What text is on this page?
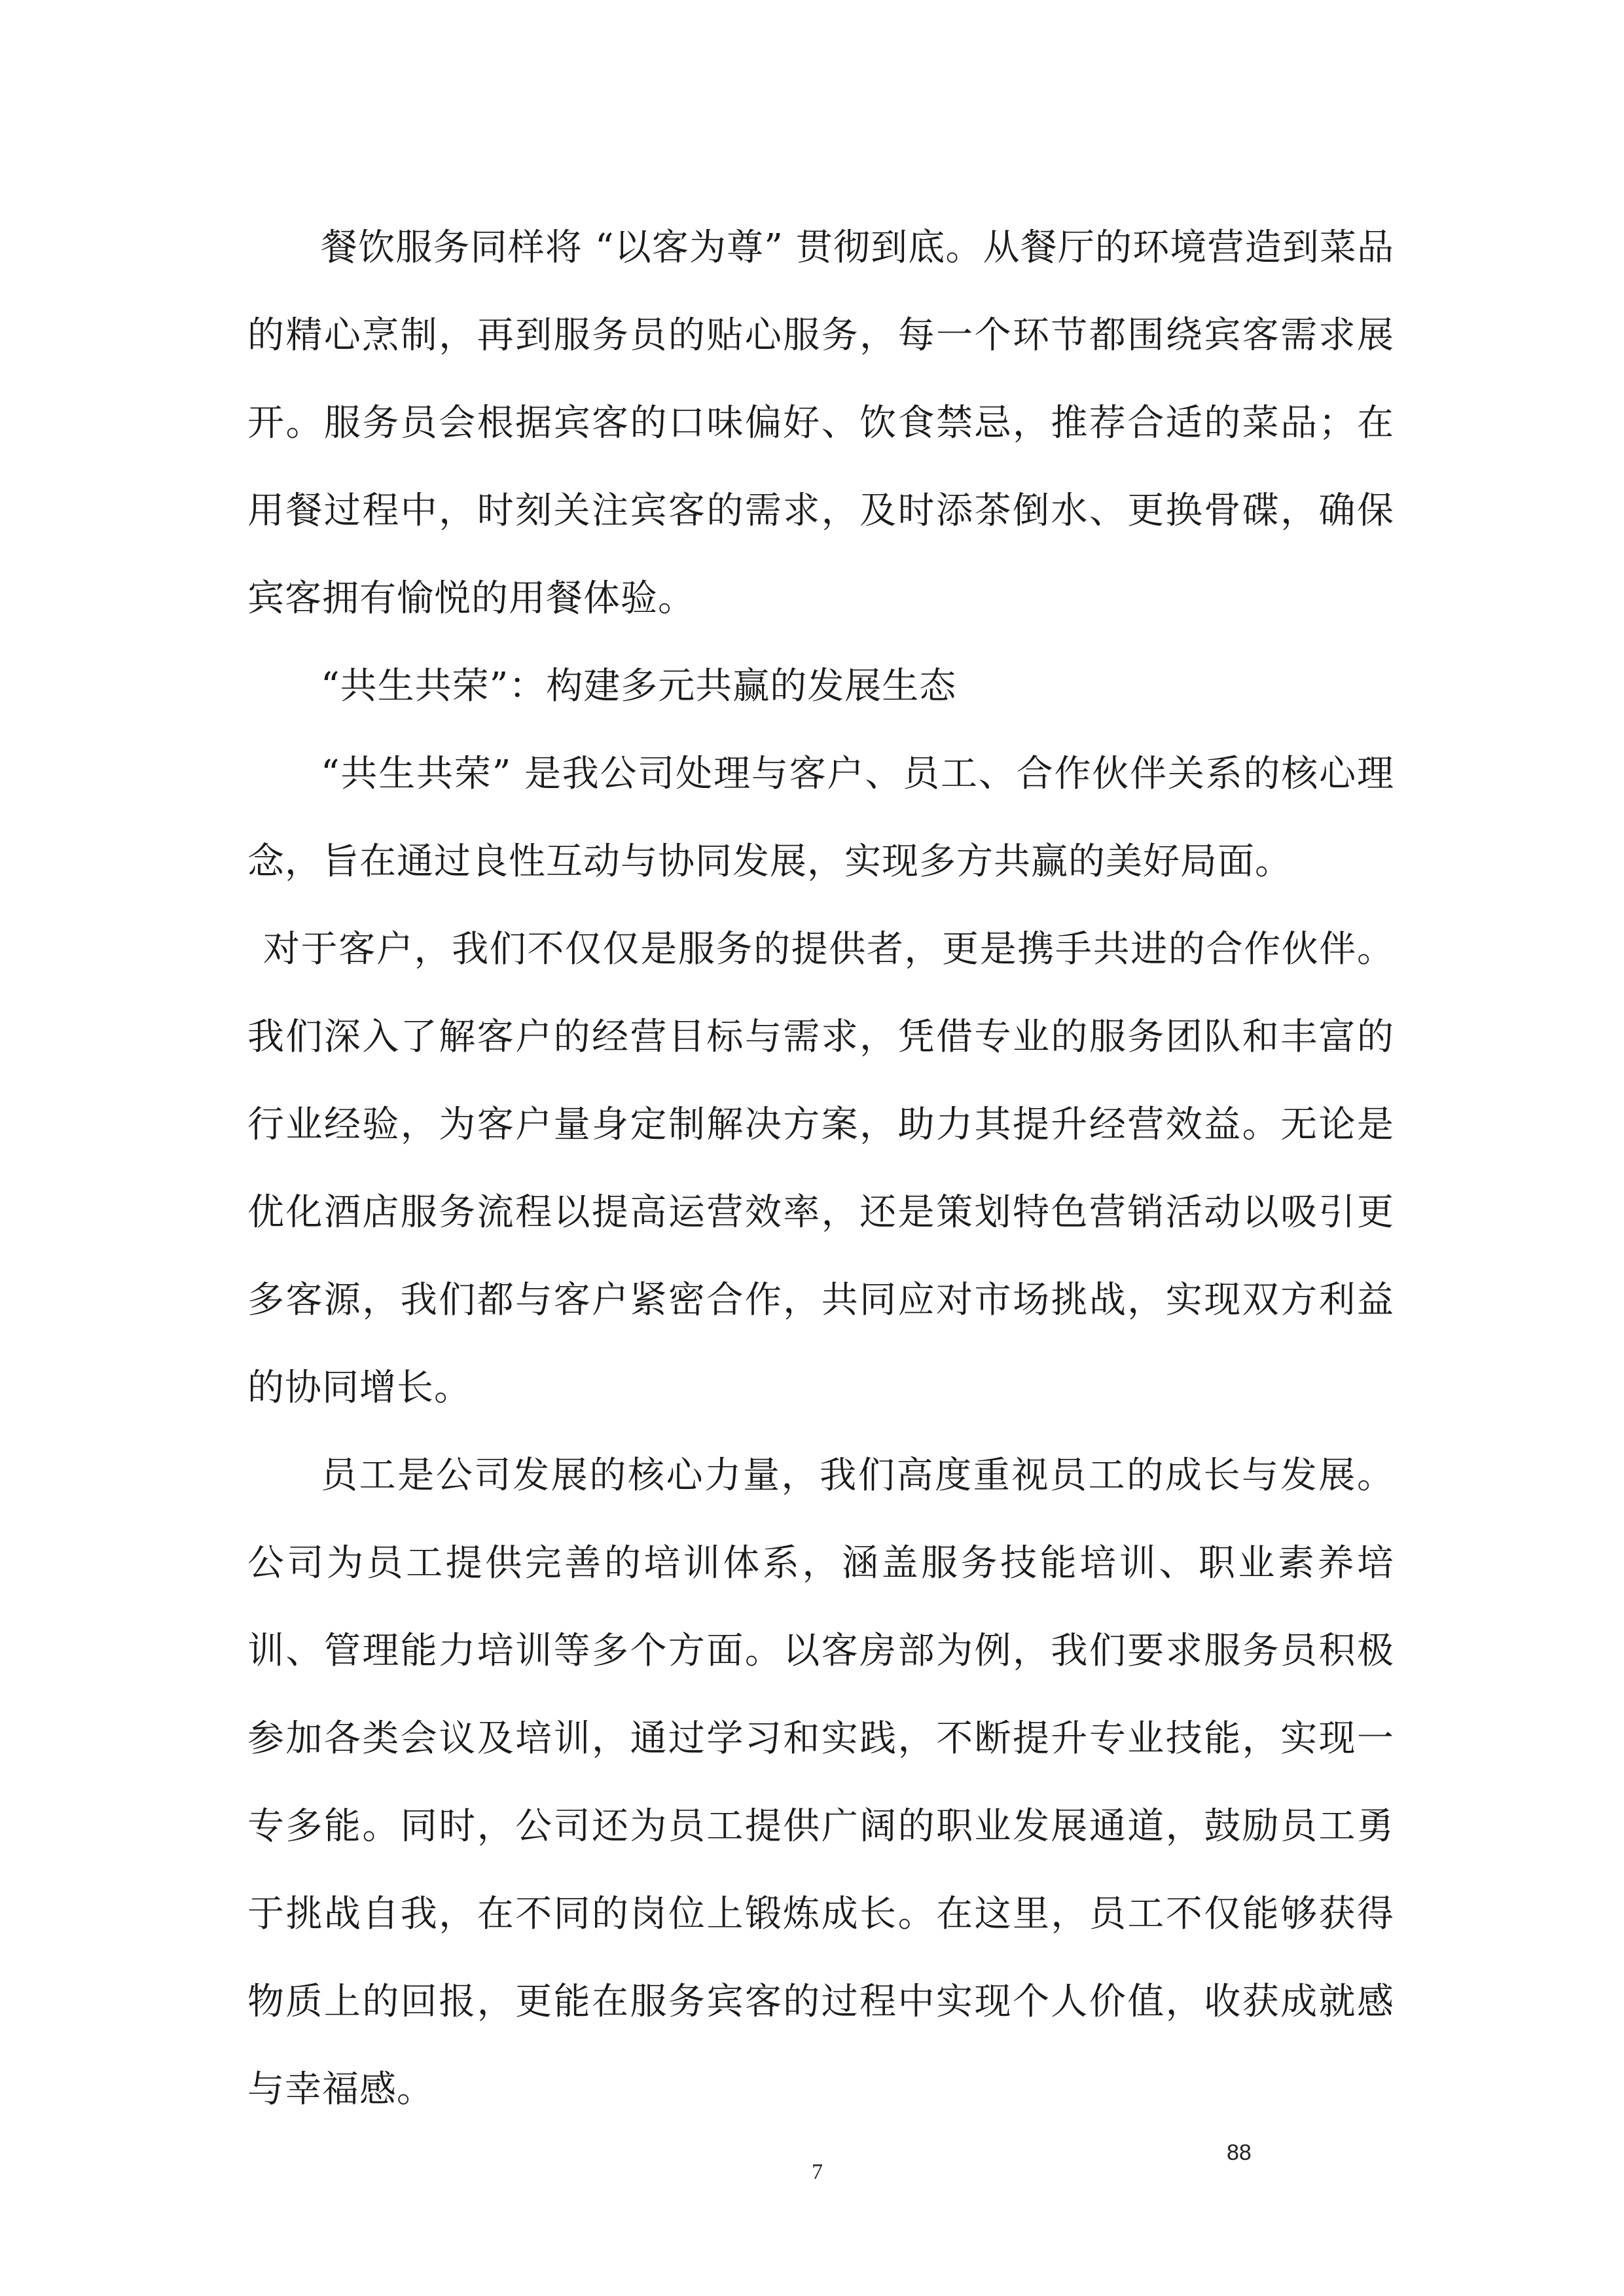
餐饮服务同样将 “以客为尊” 贯彻到底。从餐厅的环境营造到菜品的精心烹制，再到服务员的贴心服务，每一个环节都围绕宾客需求展开。服务员会根据宾客的口味偏好、饮食禁忌，推荐合适的菜品；在用餐过程中，时刻关注宾客的需求，及时添茶倒水、更换骨碟，确保宾客拥有愉悦的用餐体验。

“共生共荣”：构建多元共赢的发展生态

“共生共荣” 是我公司处理与客户、员工、合作伙伴关系的核心理念，旨在通过良性互动与协同发展，实现多方共赢的美好局面。

对于客户，我们不仅仅是服务的提供者，更是携手共进的合作伙伴。我们深入了解客户的经营目标与需求，凭借专业的服务团队和丰富的行业经验，为客户量身定制解决方案，助力其提升经营效益。无论是优化酒店服务流程以提高运营效率，还是策划特色营销活动以吸引更多客源，我们都与客户紧密合作，共同应对市场挑战，实现双方利益的协同增长。

员工是公司发展的核心力量，我们高度重视员工的成长与发展。公司为员工提供完善的培训体系，涵盖服务技能培训、职业素养培训、管理能力培训等多个方面。以客房部为例，我们要求服务员积极参加各类会议及培训，通过学习和实践，不断提升专业技能，实现一专多能。同时，公司还为员工提供广阔的职业发展通道，鼓励员工勇于挑战自我，在不同的岗位上锻炼成长。在这里，员工不仅能够获得物质上的回报，更能在服务宾客的过程中实现个人价值，收获成就感与幸福感。

7
88
